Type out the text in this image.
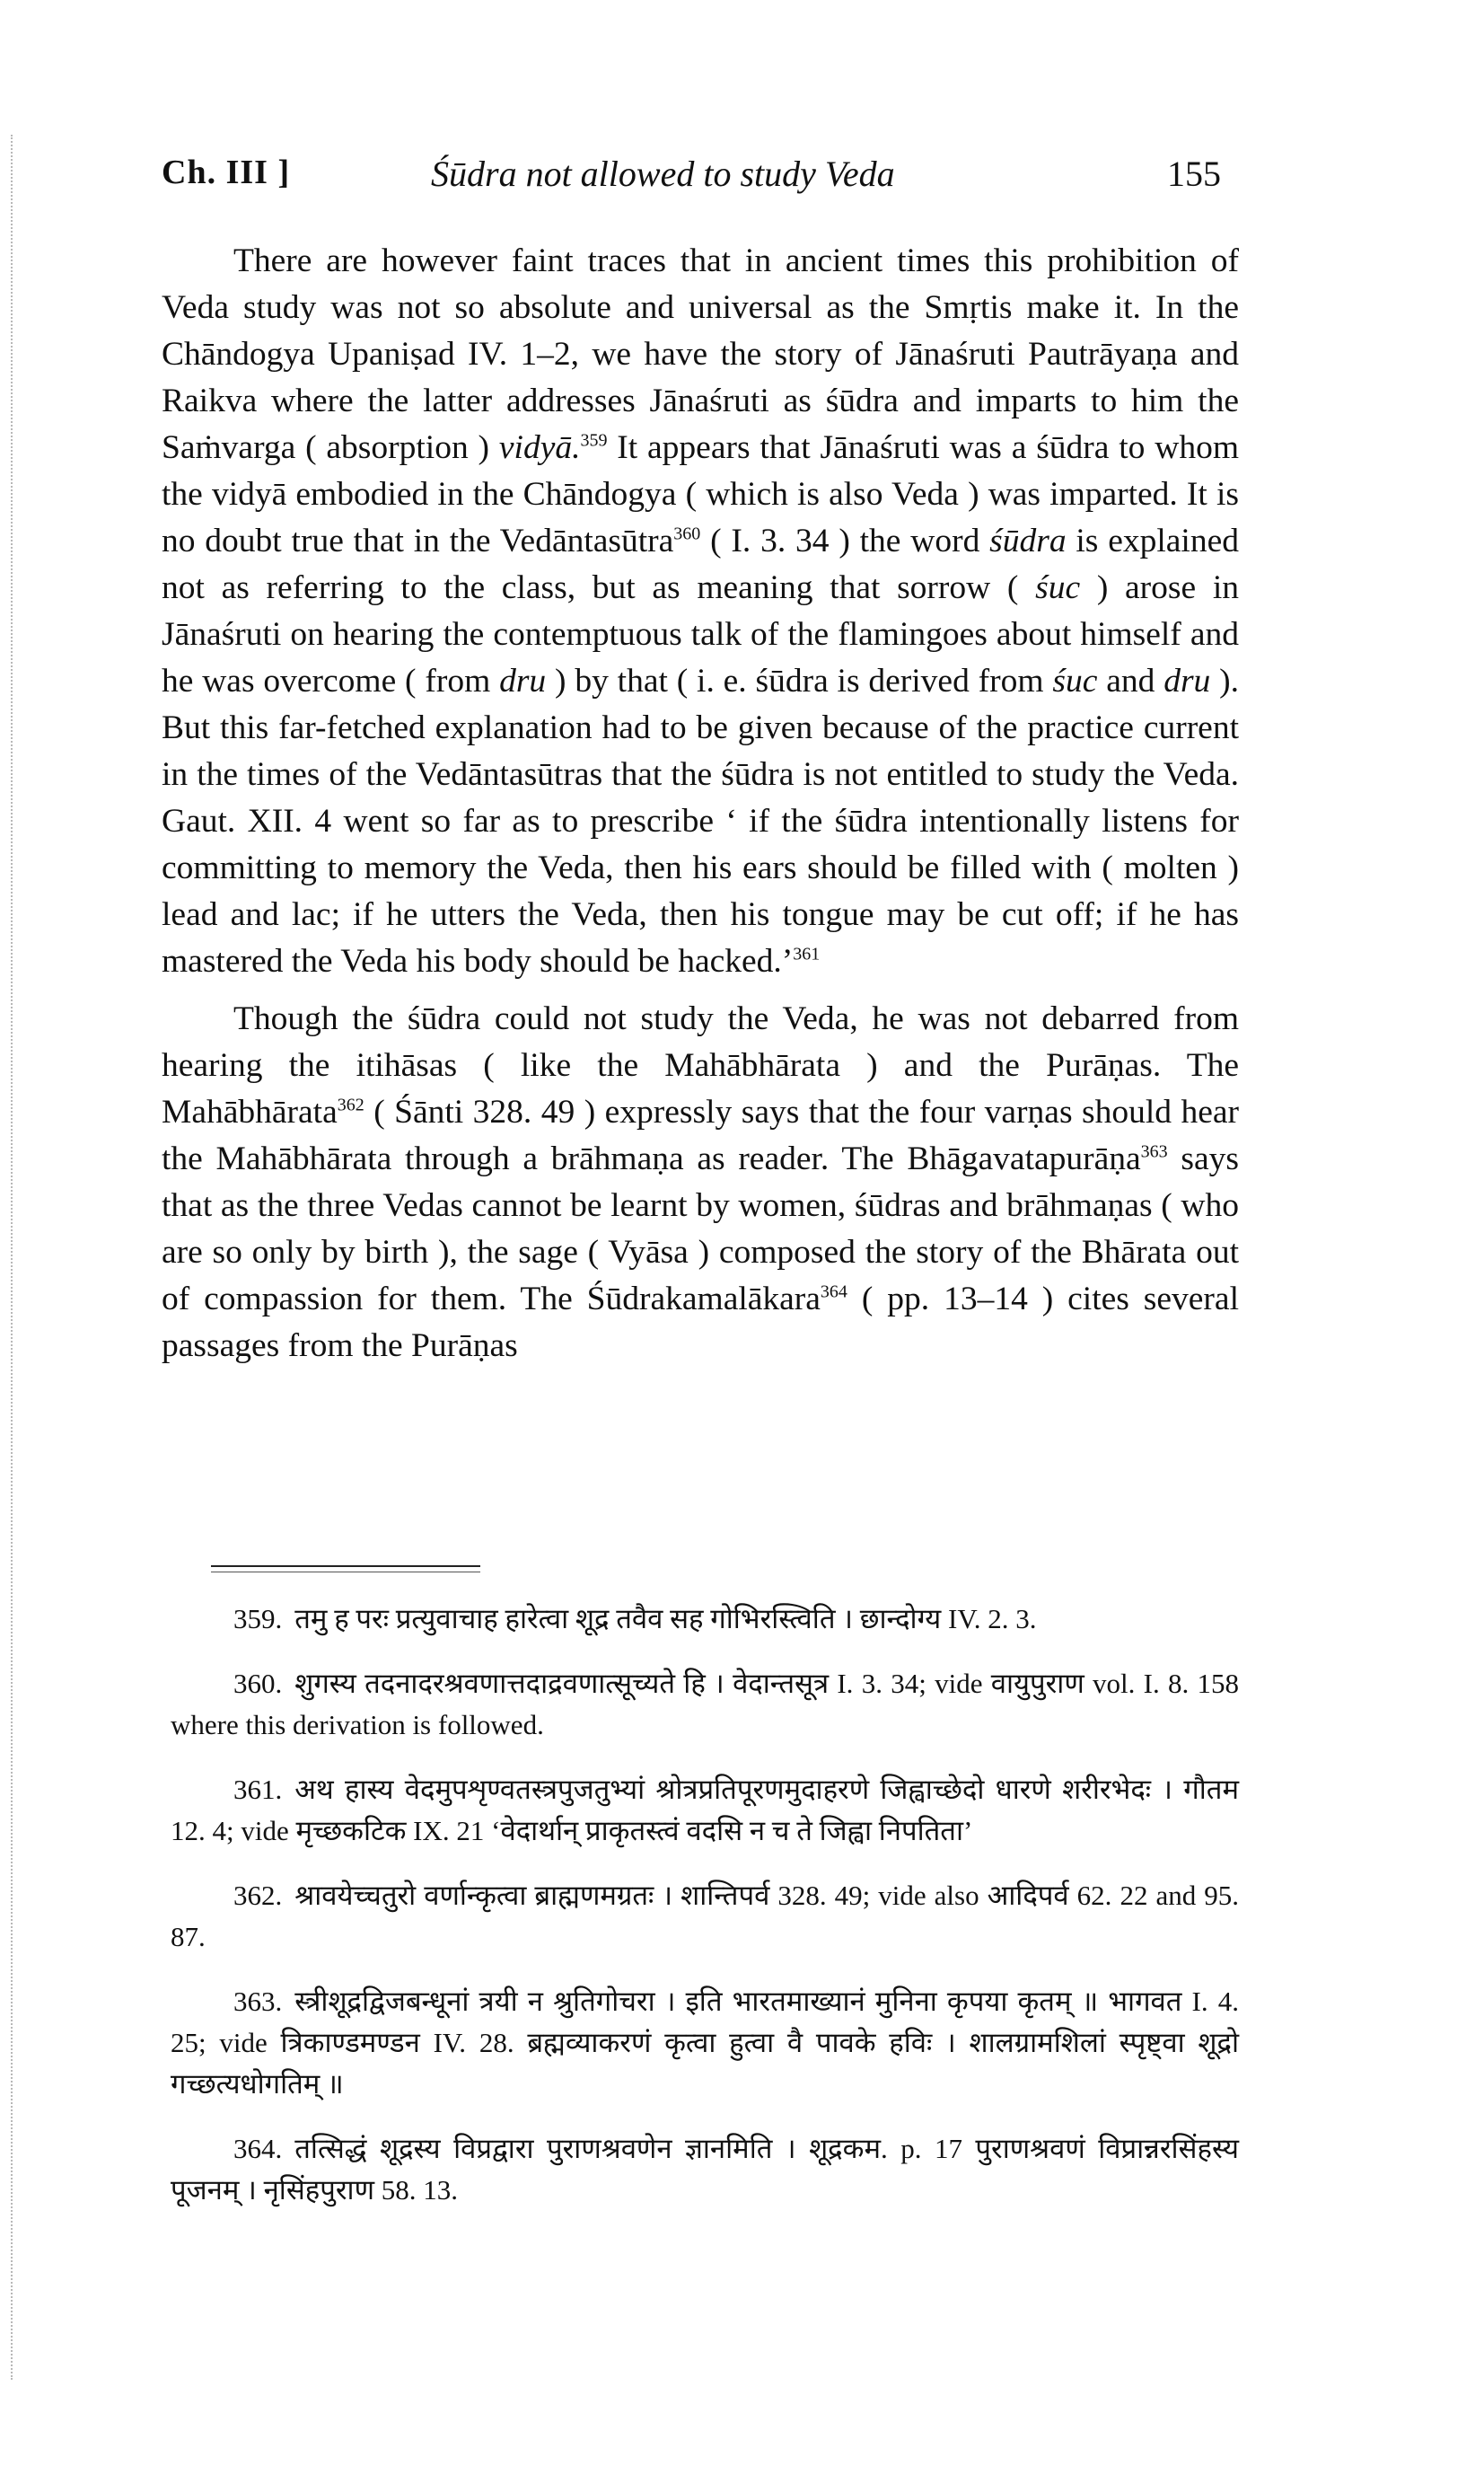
Ch. III ]	Śūdra not allowed to study Veda	155

There are however faint traces that in ancient times this prohibition of Veda study was not so absolute and universal as the Smṛtis make it. In the Chāndogya Upaniṣad IV. 1–2, we have the story of Jānaśruti Pautrāyaṇa and Raikva where the latter addresses Jānaśruti as śūdra and imparts to him the Saṁvarga ( absorption ) vidyā.$^{359}$ It appears that Jānaśruti was a śūdra to whom the vidyā embodied in the Chāndogya ( which is also Veda ) was imparted. It is no doubt true that in the Vedāntasūtra$^{360}$ ( I. 3. 34 ) the word śūdra is explained not as referring to the class, but as meaning that sorrow ( śuc ) arose in Jānaśruti on hearing the contemptuous talk of the flamingoes about himself and he was overcome ( from dru ) by that ( i. e. śūdra is derived from śuc and dru ). But this far-fetched explanation had to be given because of the practice current in the times of the Vedāntasūtras that the śūdra is not entitled to study the Veda. Gaut. XII. 4 went so far as to prescribe ‘ if the śūdra intentionally listens for committing to memory the Veda, then his ears should be filled with ( molten ) lead and lac; if he utters the Veda, then his tongue may be cut off; if he has mastered the Veda his body should be hacked.’$^{361}$

Though the śūdra could not study the Veda, he was not debarred from hearing the itihāsas ( like the Mahābhārata ) and the Purāṇas. The Mahābhārata$^{362}$ ( Śānti 328. 49 ) expressly says that the four varṇas should hear the Mahābhārata through a brāhmaṇa as reader. The Bhāgavatapurāṇa$^{363}$ says that as the three Vedas cannot be learnt by women, śūdras and brāhmaṇas ( who are so only by birth ), the sage ( Vyāsa ) composed the story of the Bhārata out of compassion for them. The Śūdrakamalākara$^{364}$ ( pp. 13–14 ) cites several passages from the Purāṇas

359. तमु ह परः प्रत्युवाचाह हारेत्वा शूद्र तवैव सह गोभिरस्त्विति । छान्दोग्य IV. 2. 3.

360. शुगस्य तदनादरश्रवणात्तदाद्रवणात्सूच्यते हि । वेदान्तसूत्र I. 3. 34; vide वायुपुराण vol. I. 8. 158 where this derivation is followed.

361. अथ हास्य वेदमुपशृण्वतस्त्रपुजतुभ्यां श्रोत्रप्रतिपूरणमुदाहरणे जिह्वाच्छेदो धारणे शरीरभेदः । गौतम 12. 4; vide मृच्छकटिक IX. 21 ‘वेदार्थान् प्राकृतस्त्वं वदसि न च ते जिह्वा निपतिता’

362. श्रावयेच्चतुरो वर्णान्कृत्वा ब्राह्मणमग्रतः । शान्तिपर्व 328. 49; vide also आदिपर्व 62. 22 and 95. 87.

363. स्त्रीशूद्रद्विजबन्धूनां त्रयी न श्रुतिगोचरा । इति भारतमाख्यानं मुनिना कृपया कृतम् ॥ भागवत I. 4. 25; vide त्रिकाण्डमण्डन IV. 28. ब्रह्मव्याकरणं कृत्वा हुत्वा वै पावके हविः । शालग्रामशिलां स्पृष्ट्वा शूद्रो गच्छत्यधोगतिम् ॥

364. तत्सिद्धं शूद्रस्य विप्रद्वारा पुराणश्रवणेन ज्ञानमिति । शूद्रकम. p. 17 पुराणश्रवणं विप्रान्नरसिंहस्य पूजनम् । नृसिंहपुराण 58. 13.
